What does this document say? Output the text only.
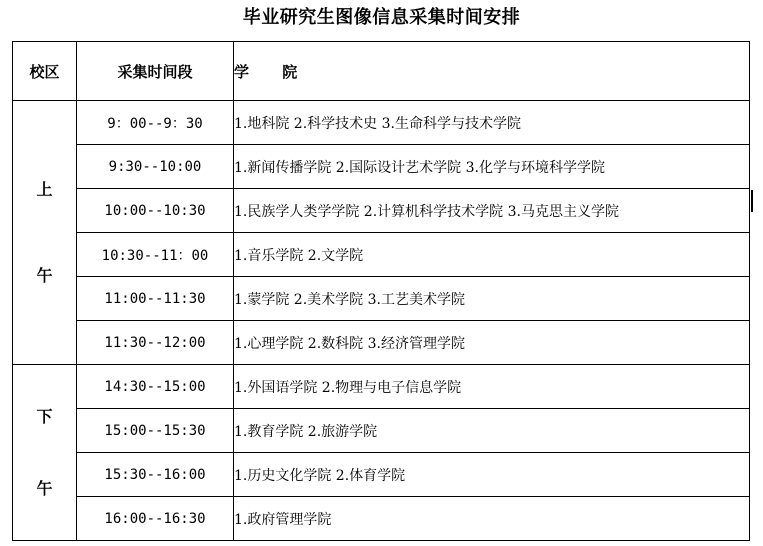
毕业研究生图像信息采集时间安排
校区	采集时间段	学 院

上
午	9：00--9：30	1.地科院 2.科学技术史 3.生命科学与技术学院
	9:30--10:00	1.新闻传播学院 2.国际设计艺术学院 3.化学与环境科学学院
	10:00--10:30	1.民族学人类学学院 2.计算机科学技术学院 3.马克思主义学院
	10:30--11：00	1.音乐学院 2.文学院
	11:00--11:30	1.蒙学院 2.美术学院 3.工艺美术学院
	11:30--12:00	1.心理学院 2.数科院 3.经济管理学院

下
午	14:30--15:00	1.外国语学院 2.物理与电子信息学院
	15:00--15:30	1.教育学院 2.旅游学院
	15:30--16:00	1.历史文化学院 2.体育学院
	16:00--16:30	1.政府管理学院
